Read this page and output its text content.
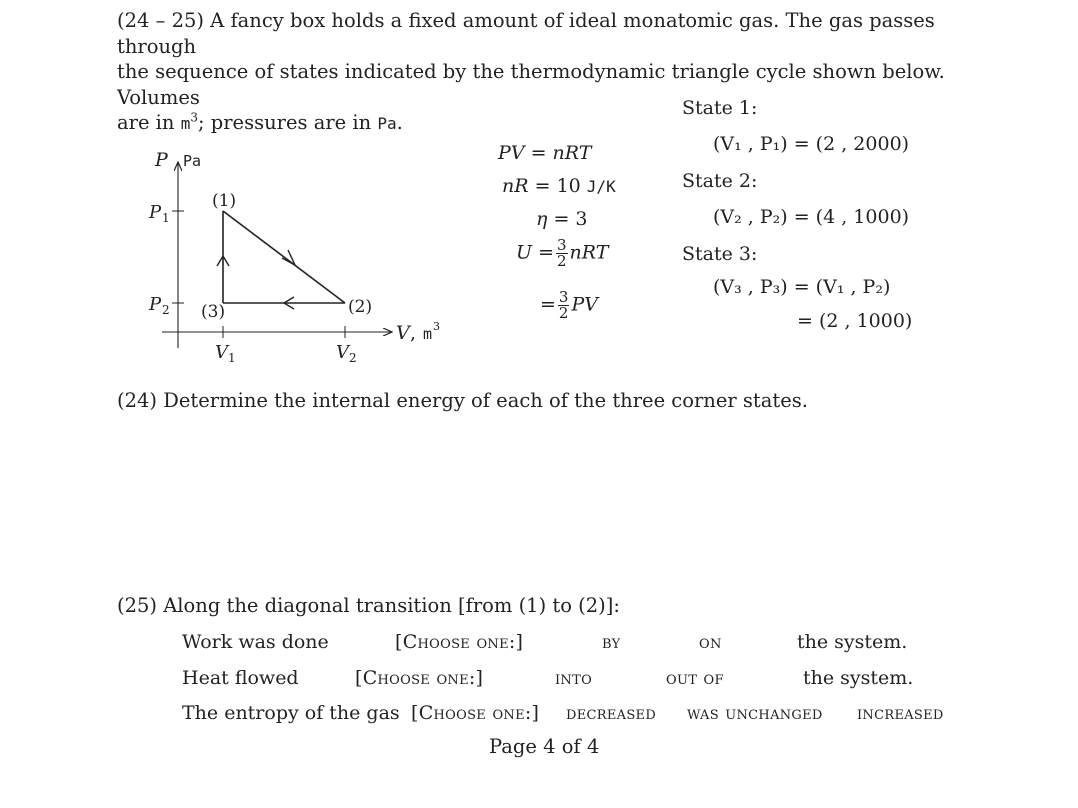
(24 – 25) A fancy box holds a fixed amount of ideal monatomic gas. The gas passes through
the sequence of states indicated by the thermodynamic triangle cycle shown below. Volumes
are in $m^3$; pressures are in Pa.
P Pa
P 1
P 2
V 1	V 2
(1)
(2)
(3)
V , m 3
PV = nRT
nR = 10 J/K
η = 3
$U = \frac{3}{2}$ nRT
= $\frac{3}{2}$ PV
State 1:
(V₁ , P₁) = (2 , 2000)
State 2:
(V₂ , P₂) = (4 , 1000)
State 3:
(V₃ , P₃) = (V₁ , P₂)
= (2 , 1000)
(24) Determine the internal energy of each of the three corner states.
(25) Along the diagonal transition [from (1) to (2)]:
Work was done	[Choose one:]	by	on	the system.
Heat flowed	[Choose one:]	into	out of	the system.
The entropy of the gas [Choose one:] decreased was unchanged increased
Page 4 of 4
